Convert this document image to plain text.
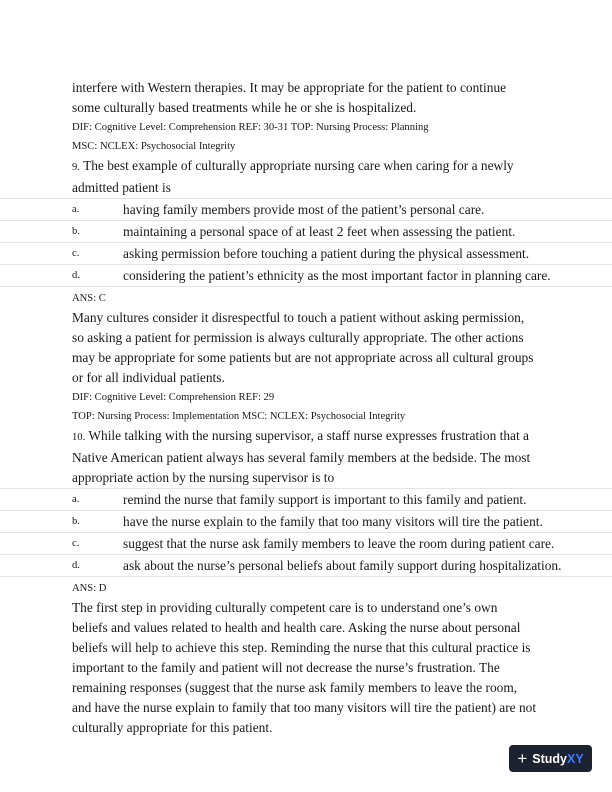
interfere with Western therapies. It may be appropriate for the patient to continue

some culturally based treatments while he or she is hospitalized.

DIF: Cognitive Level: Comprehension REF: 30-31 TOP: Nursing Process: Planning

MSC: NCLEX: Psychosocial Integrity

9. The best example of culturally appropriate nursing care when caring for a newly

admitted patient is

a.	having family members provide most of the patient’s personal care.
b.	maintaining a personal space of at least 2 feet when assessing the patient.
c.	asking permission before touching a patient during the physical assessment.
d.	considering the patient’s ethnicity as the most important factor in planning care.

ANS: C

Many cultures consider it disrespectful to touch a patient without asking permission,

so asking a patient for permission is always culturally appropriate. The other actions

may be appropriate for some patients but are not appropriate across all cultural groups

or for all individual patients.

DIF: Cognitive Level: Comprehension REF: 29

TOP: Nursing Process: Implementation MSC: NCLEX: Psychosocial Integrity

10. While talking with the nursing supervisor, a staff nurse expresses frustration that a

Native American patient always has several family members at the bedside. The most

appropriate action by the nursing supervisor is to

a.	remind the nurse that family support is important to this family and patient.
b.	have the nurse explain to the family that too many visitors will tire the patient.
c.	suggest that the nurse ask family members to leave the room during patient care.
d.	ask about the nurse’s personal beliefs about family support during hospitalization.

ANS: D

The first step in providing culturally competent care is to understand one’s own

beliefs and values related to health and health care. Asking the nurse about personal

beliefs will help to achieve this step. Reminding the nurse that this cultural practice is

important to the family and patient will not decrease the nurse’s frustration. The

remaining responses (suggest that the nurse ask family members to leave the room,

and have the nurse explain to family that too many visitors will tire the patient) are not

culturally appropriate for this patient.

+ StudyXY
